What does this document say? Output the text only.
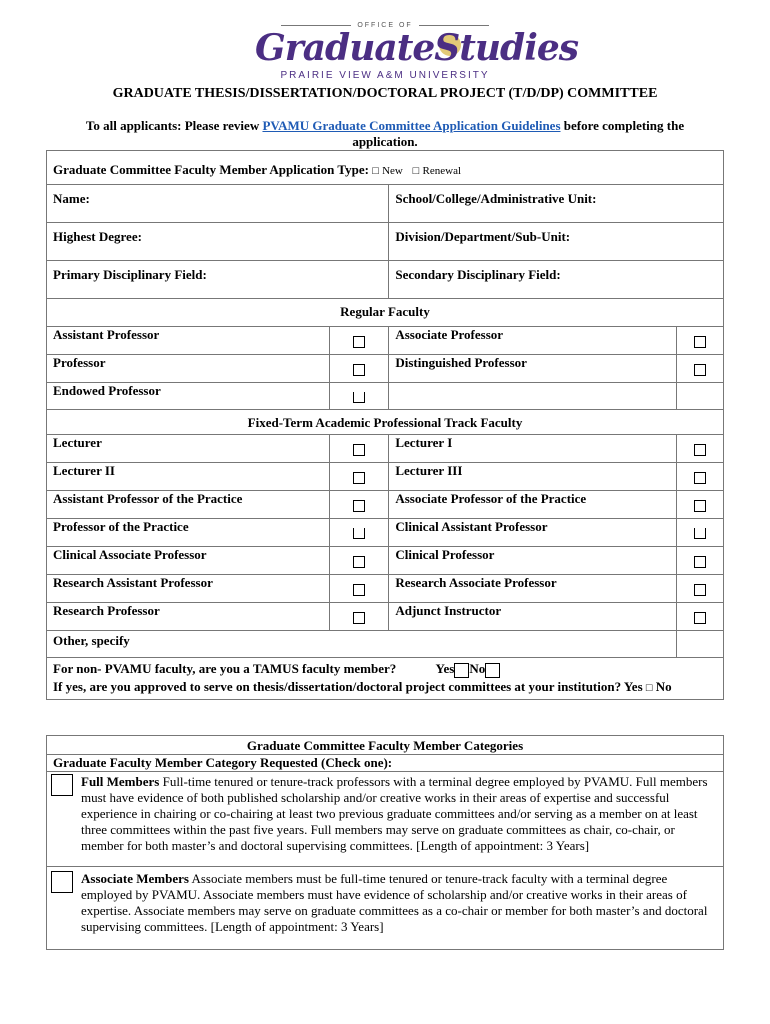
OFFICE OF
GraduateStudies
PRAIRIE VIEW A&M UNIVERSITY
GRADUATE THESIS/DISSERTATION/DOCTORAL PROJECT (T/D/DP) COMMITTEE
To all applicants: Please review PVAMU Graduate Committee Application Guidelines before completing the application.
Graduate Committee Faculty Member Application Type: □ New □ Renewal			
Name:		School/College/Administrative Unit:	
Highest Degree:		Division/Department/Sub-Unit:	
Primary Disciplinary Field:		Secondary Disciplinary Field:	
Regular Faculty			
Assistant Professor		Associate Professor	
Professor		Distinguished Professor	
Endowed Professor			
Fixed-Term Academic Professional Track Faculty			
Lecturer		Lecturer I	
Lecturer II		Lecturer III	
Assistant Professor of the Practice		Associate Professor of the Practice	
Professor of the Practice		Clinical Assistant Professor	
Clinical Associate Professor		Clinical Professor	
Research Assistant Professor		Research Associate Professor	
Research Professor		Adjunct Instructor	
Other, specify			
For non- PVAMU faculty, are you a TAMUS faculty member? Yes No
If yes, are you approved to serve on thesis/dissertation/doctoral project committees at your institution? Yes □ No			
Graduate Committee Faculty Member Categories
Graduate Faculty Member Category Requested (Check one):

Full Members Full-time tenured or tenure-track professors with a terminal degree employed by PVAMU. Full members must have evidence of both published scholarship and/or creative works in their areas of expertise and successful experience in chairing or co-chairing at least two previous graduate committees and/or serving as a member on at least three committees within the past five years. Full members may serve on graduate committees as chair, co-chair, or member for both master’s and doctoral supervising committees. [Length of appointment: 3 Years]

Associate Members Associate members must be full-time tenured or tenure-track faculty with a terminal degree employed by PVAMU. Associate members must have evidence of scholarship and/or creative works in their areas of expertise. Associate members may serve on graduate committees as a co-chair or member for both master’s and doctoral supervising committees. [Length of appointment: 3 Years]
